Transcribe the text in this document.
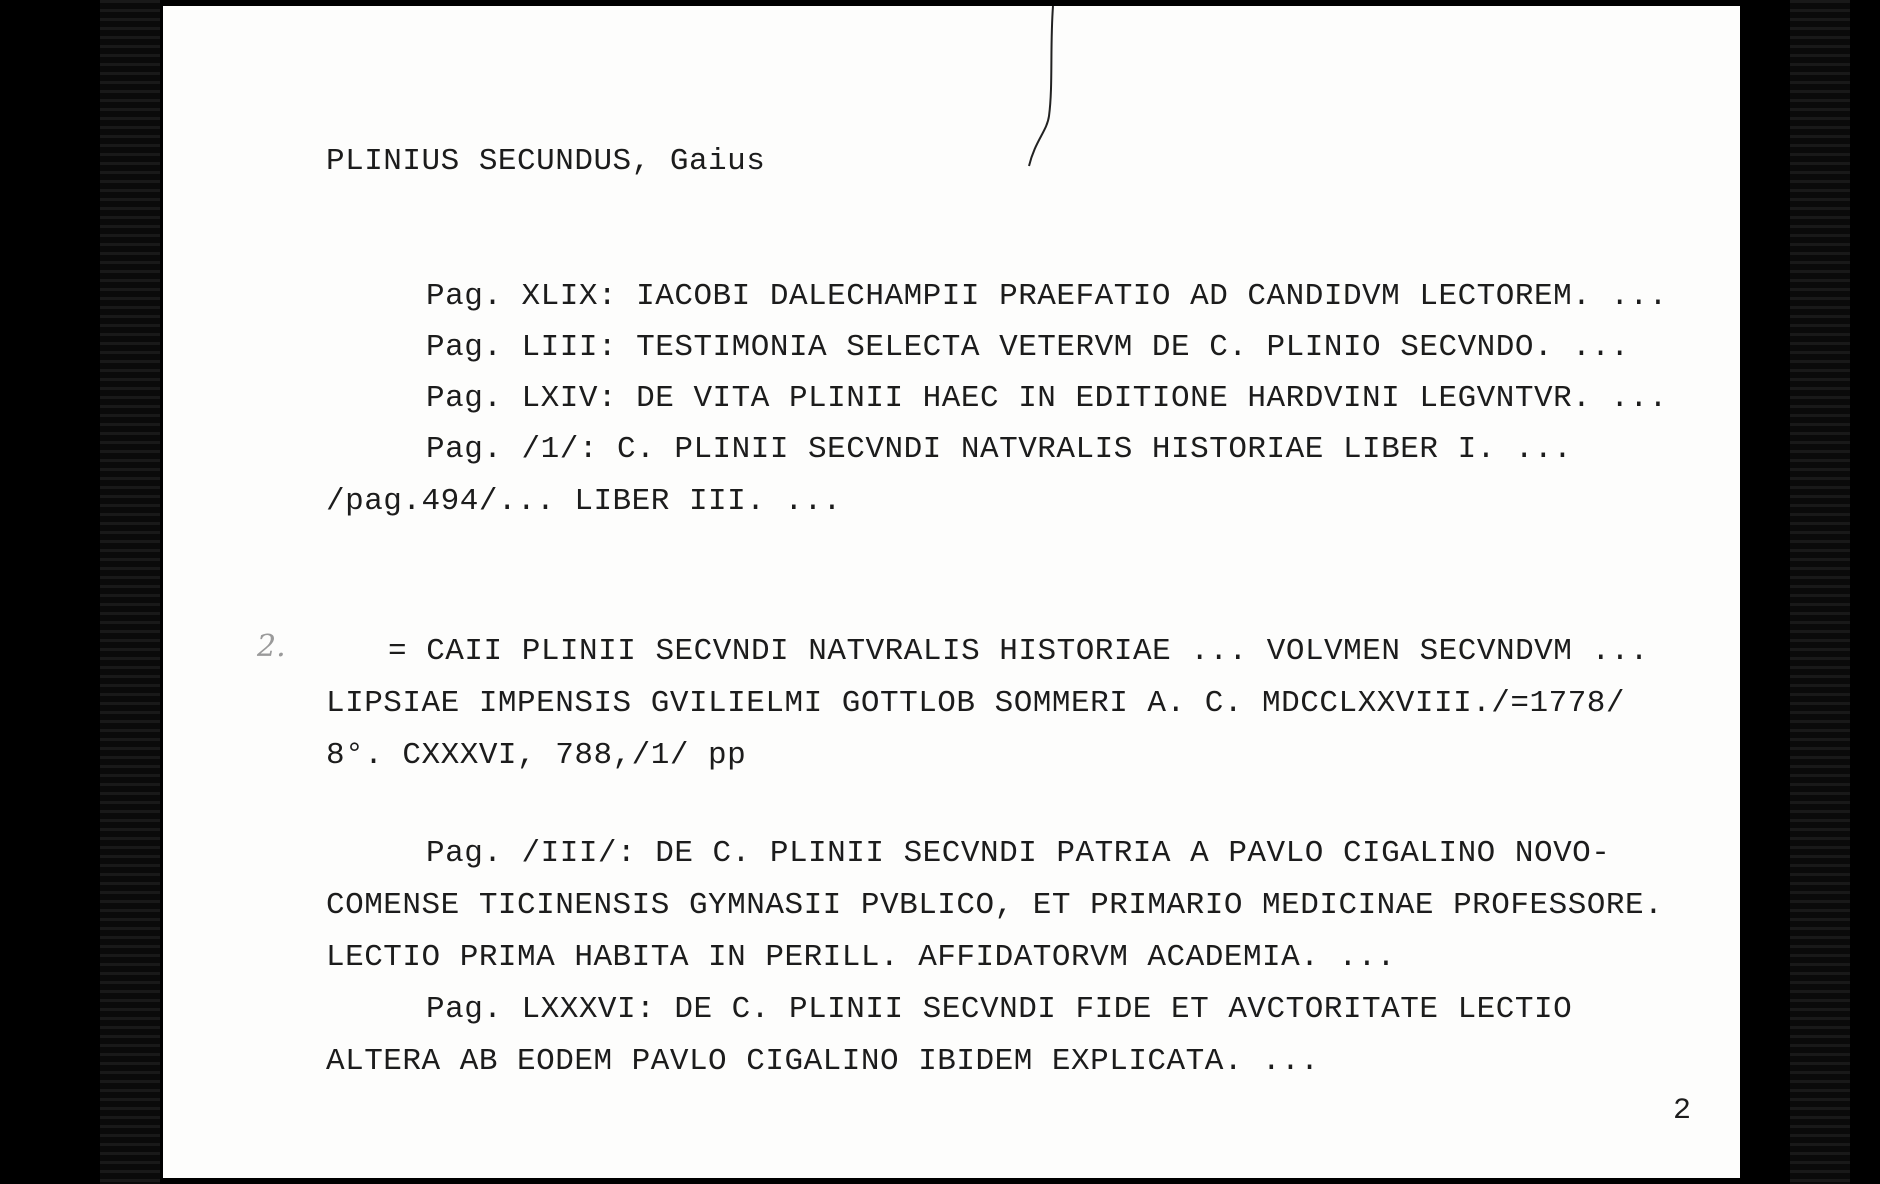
PLINIUS SECUNDUS, Gaius
Pag. XLIX: IACOBI DALECHAMPII PRAEFATIO AD CANDIDVM LECTOREM. ...
Pag. LIII: TESTIMONIA SELECTA VETERVM DE C. PLINIO SECVNDO. ...
Pag. LXIV: DE VITA PLINII HAEC IN EDITIONE HARDVINI LEGVNTVR. ...
Pag. /1/: C. PLINII SECVNDI NATVRALIS HISTORIAE LIBER I. ...
/pag.494/... LIBER III. ...
2.	= CAII PLINII SECVNDI NATVRALIS HISTORIAE ... VOLVMEN SECVNDVM ...
LIPSIAE IMPENSIS GVILIELMI GOTTLOB SOMMERI A. C. MDCCLXXVIII./=1778/
8°. CXXXVI, 788,/1/ pp
Pag. /III/: DE C. PLINII SECVNDI PATRIA A PAVLO CIGALINO NOVO-
COMENSE TICINENSIS GYMNASII PVBLICO, ET PRIMARIO MEDICINAE PROFESSORE.
LECTIO PRIMA HABITA IN PERILL. AFFIDATORVM ACADEMIA. ...
Pag. LXXXVI: DE C. PLINII SECVNDI FIDE ET AVCTORITATE LECTIO
ALTERA AB EODEM PAVLO CIGALINO IBIDEM EXPLICATA. ...
2
